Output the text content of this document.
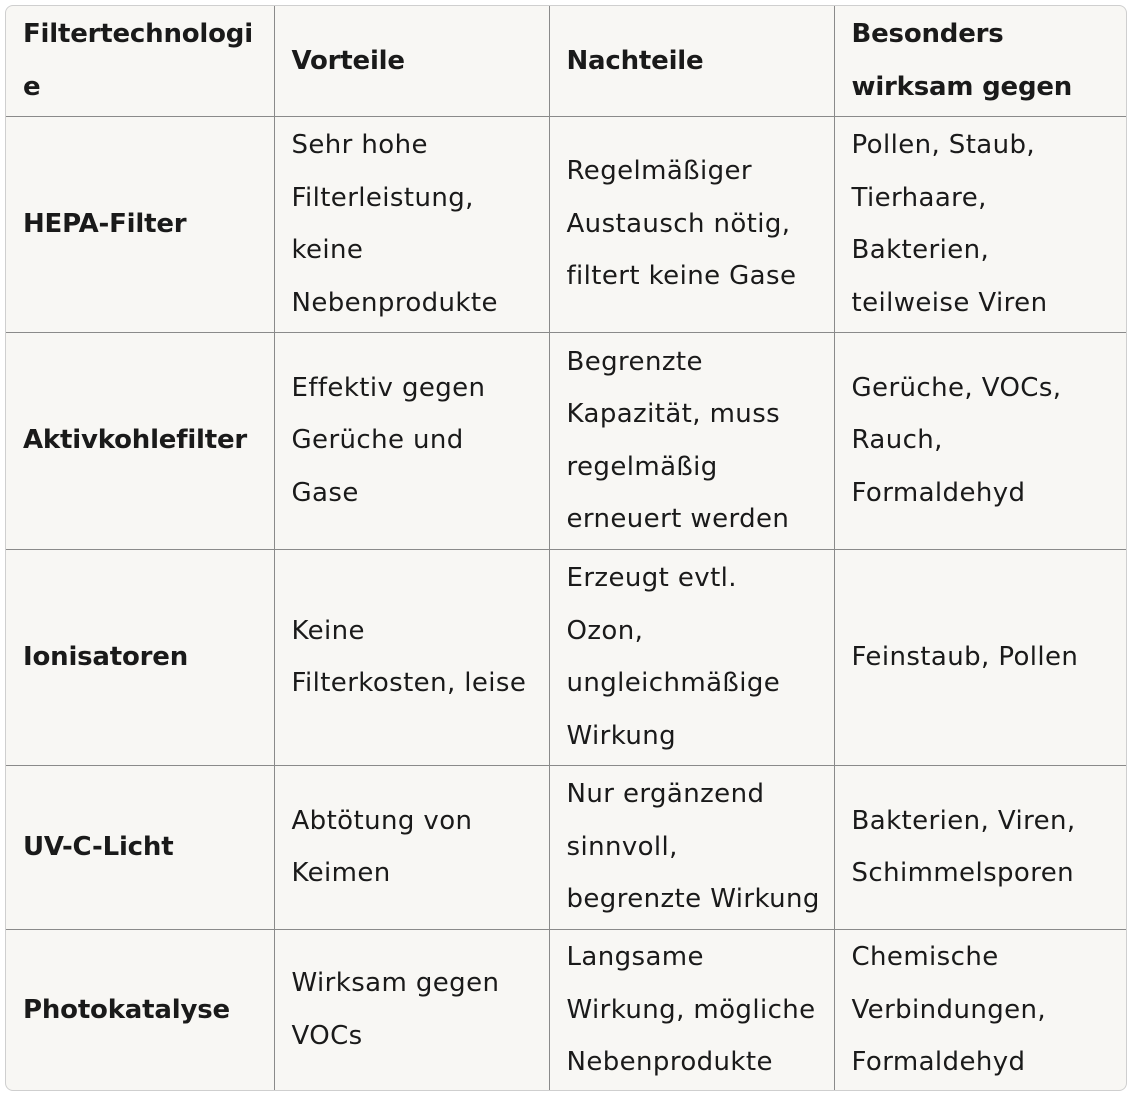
Filtertechnologie	Vorteile	Nachteile	Besonders wirksam gegen
HEPA-Filter	Sehr hohe Filterleistung, keine Nebenprodukte	Regelmäßiger Austausch nötig, filtert keine Gase	Pollen, Staub, Tierhaare, Bakterien, teilweise Viren
Aktivkohlefilter	Effektiv gegen Gerüche und Gase	Begrenzte Kapazität, muss regelmäßig erneuert werden	Gerüche, VOCs, Rauch, Formaldehyd
Ionisatoren	Keine Filterkosten, leise	Erzeugt evtl. Ozon, ungleichmäßige Wirkung	Feinstaub, Pollen
UV-C-Licht	Abtötung von Keimen	Nur ergänzend sinnvoll, begrenzte Wirkung	Bakterien, Viren, Schimmelsporen
Photokatalyse	Wirksam gegen VOCs	Langsame Wirkung, mögliche Nebenprodukte	Chemische Verbindungen, Formaldehyd
